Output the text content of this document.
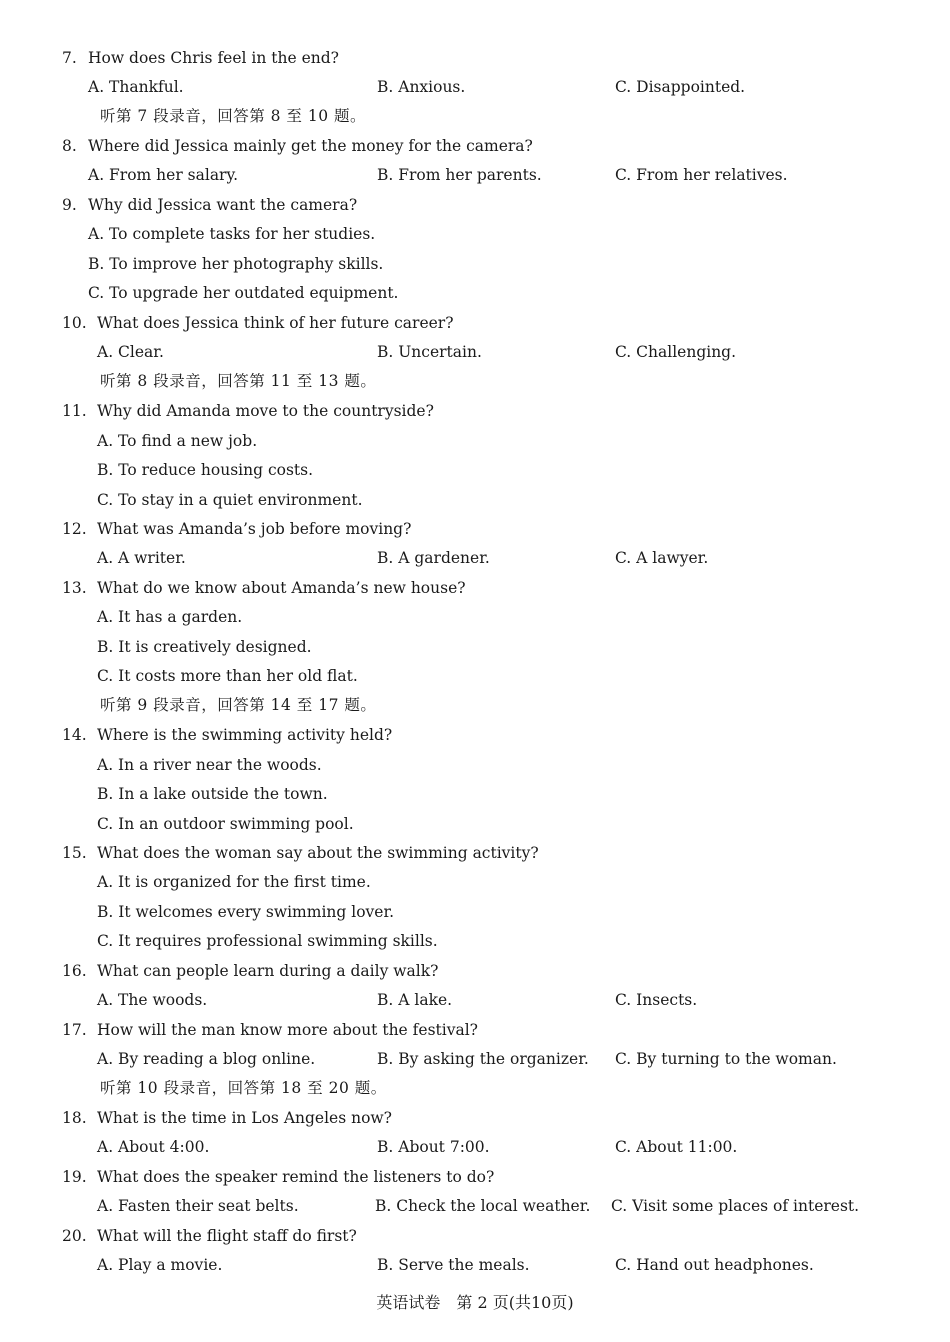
7. How does Chris feel in the end?
A. Thankful.	B. Anxious.	C. Disappointed.
听第 7 段录音，回答第 8 至 10 题。
8. Where did Jessica mainly get the money for the camera?
A. From her salary.	B. From her parents.	C. From her relatives.
9. Why did Jessica want the camera?
A. To complete tasks for her studies.
B. To improve her photography skills.
C. To upgrade her outdated equipment.
10. What does Jessica think of her future career?
A. Clear.	B. Uncertain.	C. Challenging.
听第 8 段录音，回答第 11 至 13 题。
11. Why did Amanda move to the countryside?
A. To find a new job.
B. To reduce housing costs.
C. To stay in a quiet environment.
12. What was Amanda’s job before moving?
A. A writer.	B. A gardener.	C. A lawyer.
13. What do we know about Amanda’s new house?
A. It has a garden.
B. It is creatively designed.
C. It costs more than her old flat.
听第 9 段录音，回答第 14 至 17 题。
14. Where is the swimming activity held?
A. In a river near the woods.
B. In a lake outside the town.
C. In an outdoor swimming pool.
15. What does the woman say about the swimming activity?
A. It is organized for the first time.
B. It welcomes every swimming lover.
C. It requires professional swimming skills.
16. What can people learn during a daily walk?
A. The woods.	B. A lake.	C. Insects.
17. How will the man know more about the festival?
A. By reading a blog online.	B. By asking the organizer. C. By turning to the woman.
听第 10 段录音，回答第 18 至 20 题。
18. What is the time in Los Angeles now?
A. About 4:00.	B. About 7:00.	C. About 11:00.
19. What does the speaker remind the listeners to do?
A. Fasten their seat belts.	B. Check the local weather. C. Visit some places of interest.
20. What will the flight staff do first?
A. Play a movie.	B. Serve the meals.	C. Hand out headphones.
英语试卷　第 2 页(共10页)
